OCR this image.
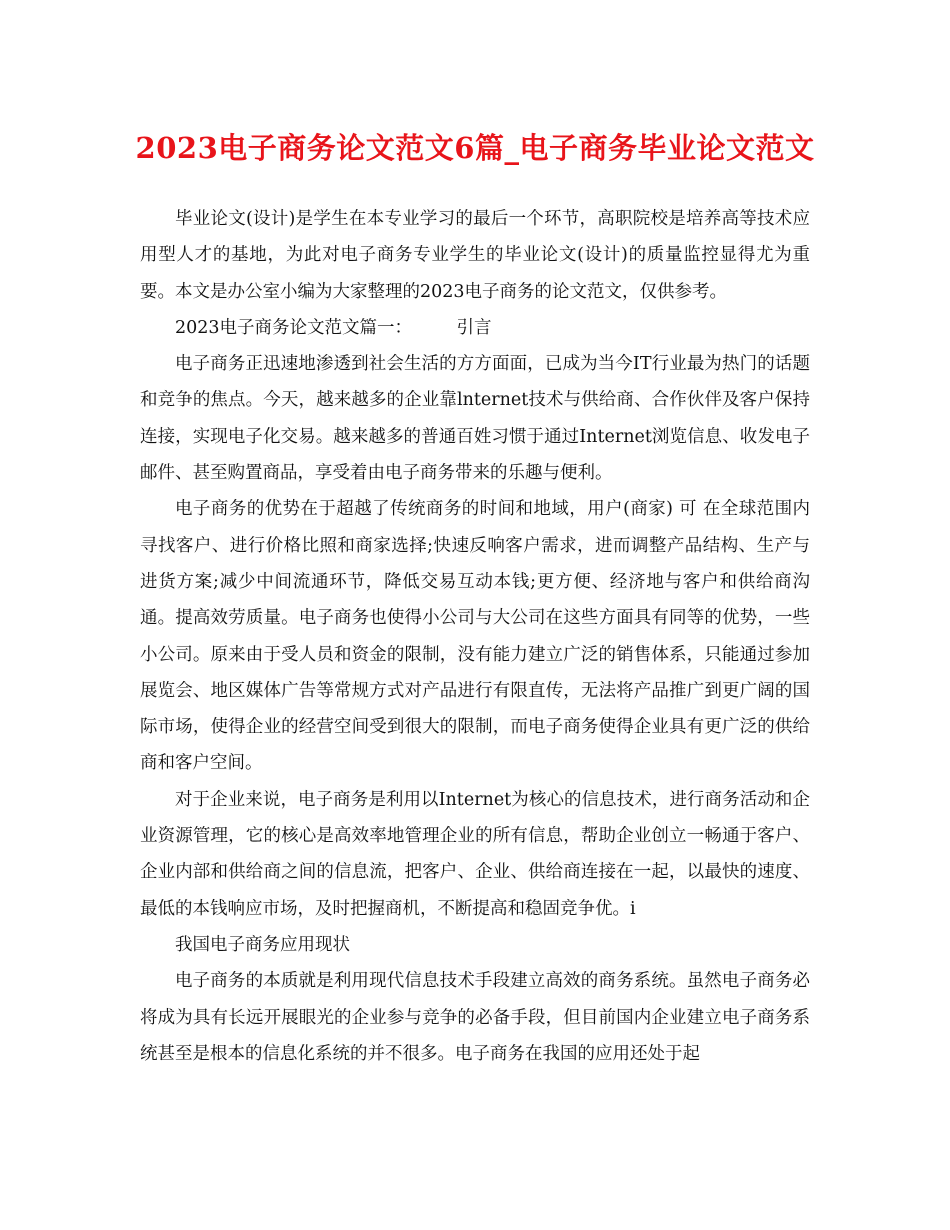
2023电子商务论文范文6篇_电子商务毕业论文范文

毕业论文(设计)是学生在本专业学习的最后一个环节，高职院校是培养高等技术应用型人才的基地，为此对电子商务专业学生的毕业论文(设计)的质量监控显得尤为重要。本文是办公室小编为大家整理的2023电子商务的论文范文，仅供参考。

2023电子商务论文范文篇一：        引言

电子商务正迅速地渗透到社会生活的方方面面，已成为当今IT行业最为热门的话题和竞争的焦点。今天，越来越多的企业靠lnternet技术与供给商、合作伙伴及客户保持连接，实现电子化交易。越来越多的普通百姓习惯于通过Internet浏览信息、收发电子邮件、甚至购置商品，享受着由电子商务带来的乐趣与便利。

电子商务的优势在于超越了传统商务的时间和地域，用户(商家) 可 在全球范围内寻找客户、进行价格比照和商家选择;快速反响客户需求，进而调整产品结构、生产与进货方案;减少中间流通环节，降低交易互动本钱;更方便、经济地与客户和供给商沟通。提高效劳质量。电子商务也使得小公司与大公司在这些方面具有同等的优势，一些小公司。原来由于受人员和资金的限制，没有能力建立广泛的销售体系，只能通过参加展览会、地区媒体广告等常规方式对产品进行有限直传，无法将产品推广到更广阔的国际市场，使得企业的经营空间受到很大的限制，而电子商务使得企业具有更广泛的供给商和客户空间。

对于企业来说，电子商务是利用以Internet为核心的信息技术，进行商务活动和企业资源管理，它的核心是高效率地管理企业的所有信息，帮助企业创立一畅通于客户、企业内部和供给商之间的信息流，把客户、企业、供给商连接在一起，以最快的速度、最低的本钱响应市场，及时把握商机，不断提高和稳固竞争优。i

我国电子商务应用现状

电子商务的本质就是利用现代信息技术手段建立高效的商务系统。虽然电子商务必将成为具有长远开展眼光的企业参与竞争的必备手段，但目前国内企业建立电子商务系统甚至是根本的信息化系统的并不很多。电子商务在我国的应用还处于起
